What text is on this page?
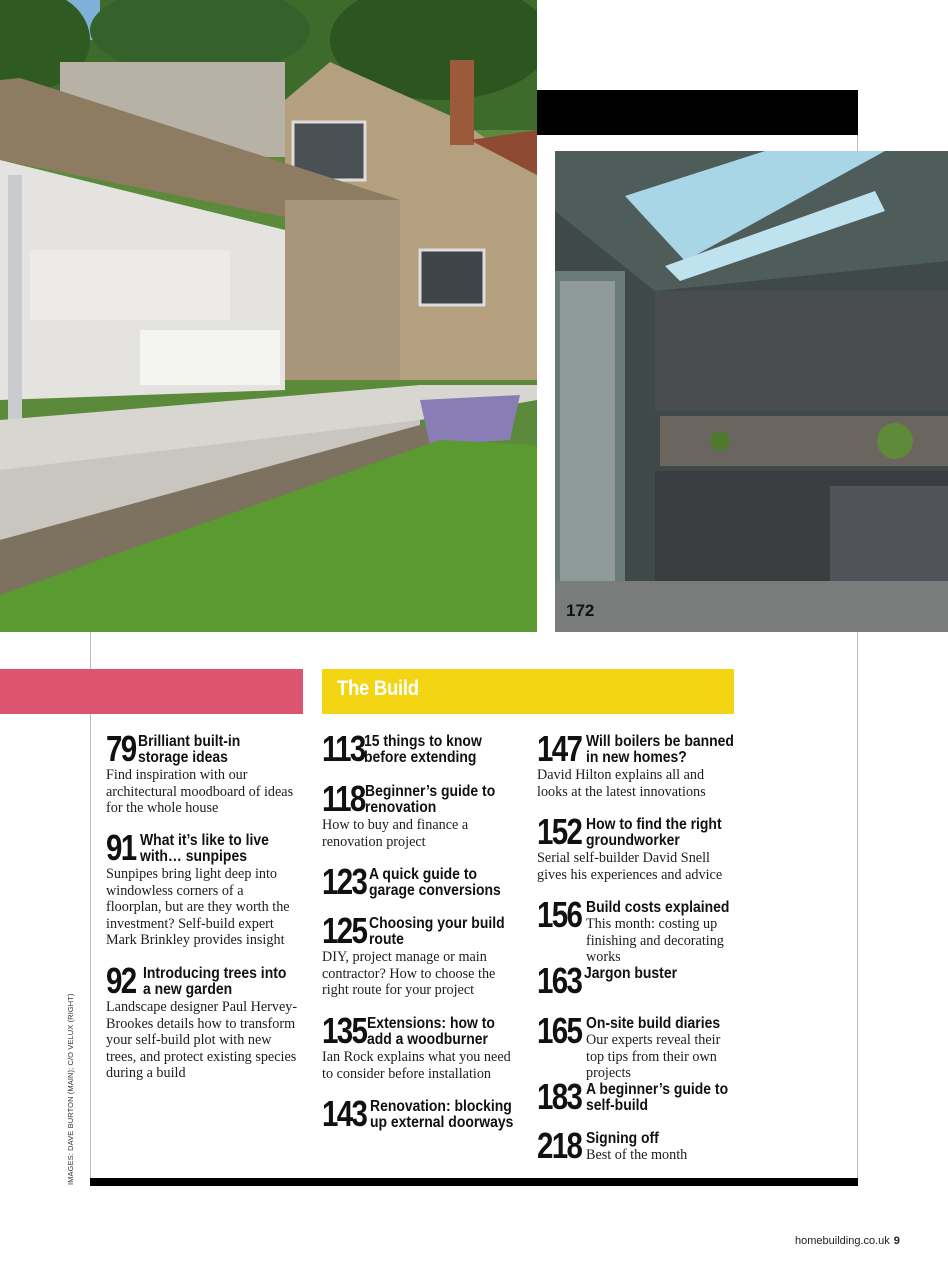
172
The Build
79 Brilliant built-in storage ideas
Find inspiration with our architectural moodboard of ideas for the whole house
91 What it’s like to live with… sunpipes
Sunpipes bring light deep into windowless corners of a floorplan, but are they worth the investment? Self-build expert Mark Brinkley provides insight
92 Introducing trees into a new garden
Landscape designer Paul Hervey-Brookes details how to transform your self-build plot with new trees, and protect existing species during a build
113 15 things to know before extending
118 Beginner’s guide to renovation
How to buy and finance a renovation project
123 A quick guide to garage conversions
125 Choosing your build route
DIY, project manage or main contractor? How to choose the right route for your project
135 Extensions: how to add a woodburner
Ian Rock explains what you need to consider before installation
143 Renovation: blocking up external doorways
147 Will boilers be banned in new homes?
David Hilton explains all and looks at the latest innovations
152 How to find the right groundworker
Serial self-builder David Snell gives his experiences and advice
156 Build costs explained
This month: costing up finishing and decorating works
163 Jargon buster
165 On-site build diaries
Our experts reveal their top tips from their own projects
183 A beginner’s guide to self-build
218 Signing off
Best of the month
IMAGES: DAVE BURTON (MAIN); C/O VELUX (RIGHT)
homebuilding.co.uk 9
